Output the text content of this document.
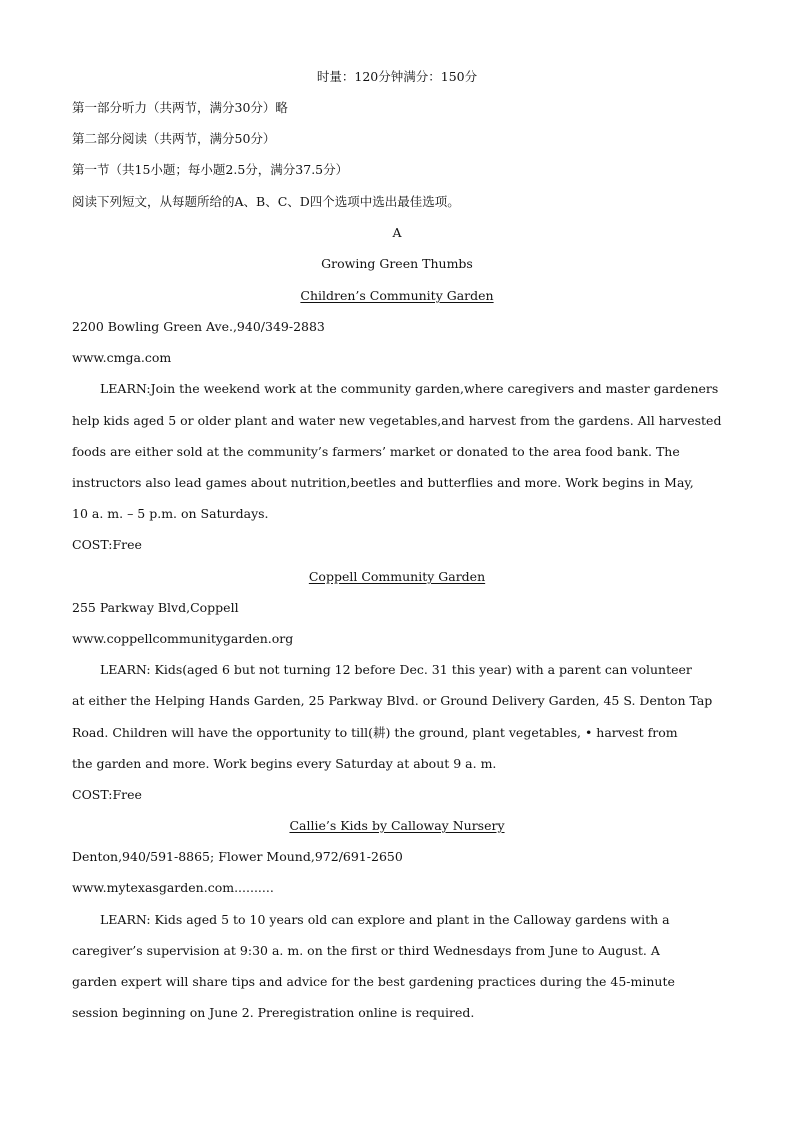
时量：120分钟满分：150分
第一部分听力（共两节，满分30分）略
第二部分阅读（共两节，满分50分）
第一节（共15小题；每小题2.5分，满分37.5分）
阅读下列短文，从每题所给的A、B、C、D四个选项中选出最佳选项。
A
Growing Green Thumbs
Children’s Community Garden
2200 Bowling Green Ave.,940/349-2883
www.cmga.com
LEARN:Join the weekend work at the community garden,where caregivers and master gardeners
help kids aged 5 or older plant and water new vegetables,and harvest from the gardens. All harvested
foods are either sold at the community’s farmers’ market or donated to the area food bank. The
instructors also lead games about nutrition,beetles and butterflies and more. Work begins in May,
10 a. m. – 5 p.m. on Saturdays.
COST:Free
Coppell Community Garden
255 Parkway Blvd,Coppell
www.coppellcommunitygarden.org
LEARN: Kids(aged 6 but not turning 12 before Dec. 31 this year) with a parent can volunteer
at either the Helping Hands Garden, 25 Parkway Blvd. or Ground Delivery Garden, 45 S. Denton Tap
Road. Children will have the opportunity to till(耕) the ground, plant vegetables, • harvest from
the garden and more. Work begins every Saturday at about 9 a. m.
COST:Free
Callie’s Kids by Calloway Nursery
Denton,940/591-8865; Flower Mound,972/691-2650
www.mytexasgarden.com..........
LEARN: Kids aged 5 to 10 years old can explore and plant in the Calloway gardens with a
caregiver’s supervision at 9:30 a. m. on the first or third Wednesdays from June to August. A
garden expert will share tips and advice for the best gardening practices during the 45-minute
session beginning on June 2. Preregistration online is required.
